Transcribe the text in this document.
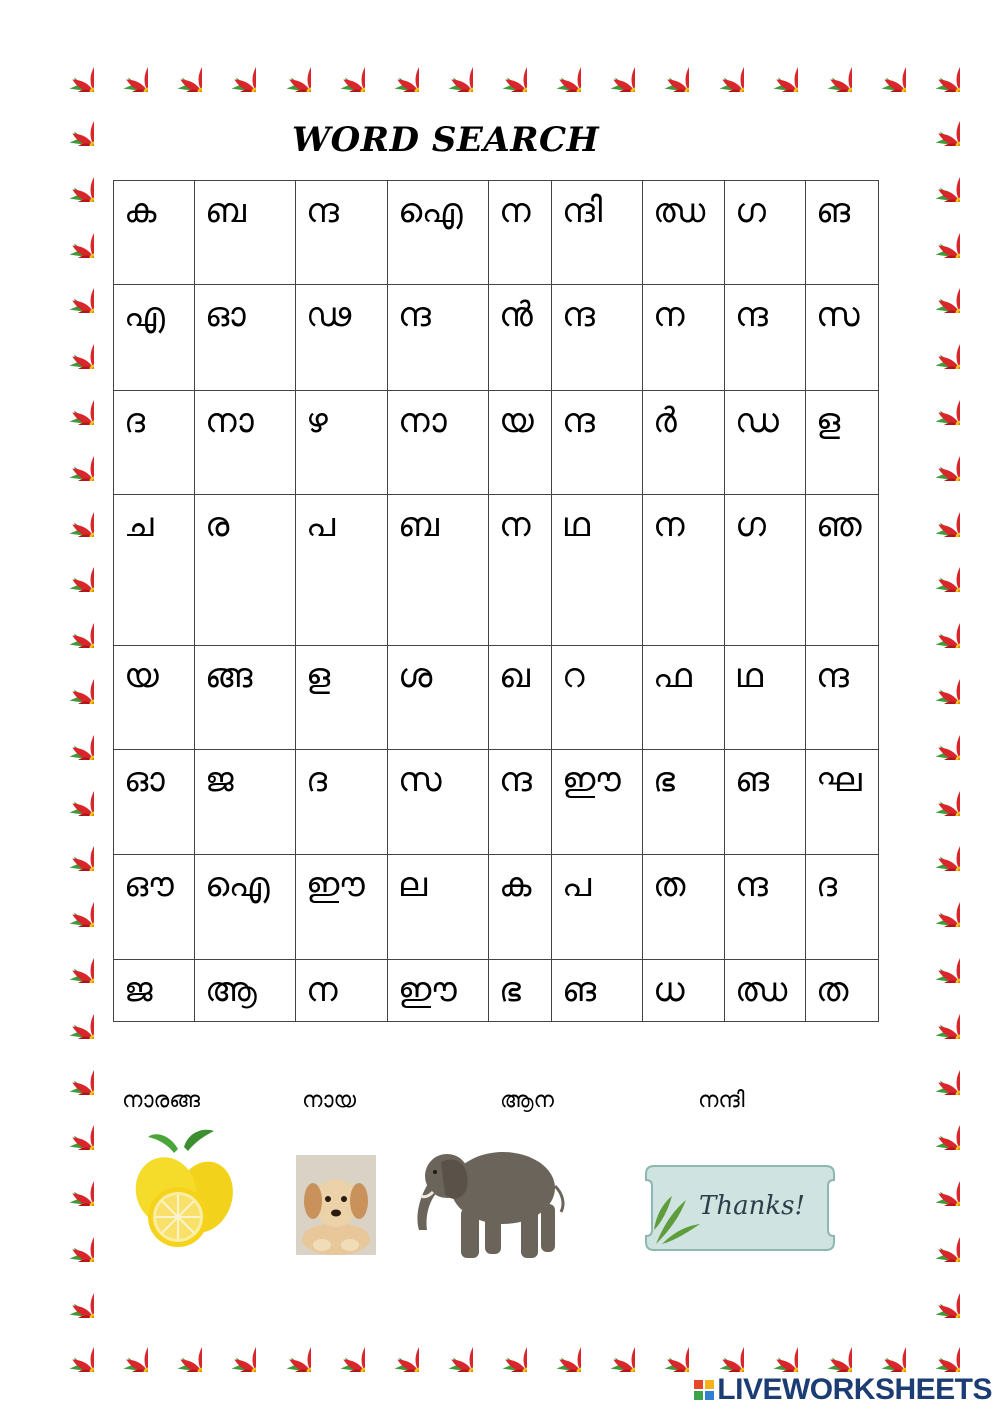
WORD SEARCH
ക	ബ	ന്ദ	ഐ	ന	ന്ദി	ഝ	ഗ	ങ
എ	ഓ	ഢ	ന്ദ	ൻ	ന്ദ	ന	ന്ദ	സ
ദ	നാ	ഴ	നാ	യ	ന്ദ	ർ	ഡ	ള
ച	ര	പ	ബ	ന	ഥ	ന	ഗ	ഞ
യ	ങ്ങ	ള	ശ	ഖ	റ	ഫ	ഥ	ന്ദ
ഓ	ജ	ദ	സ	ന്ദ	ഈ	ഭ	ങ	ഘ
ഔ	ഐ	ഈ	ല	ക	പ	ത	ന്ദ	ദ
ജ	ആ	ന	ഈ	ഭ	ങ	ധ	ഝ	ത
നാരങ്ങ	നായ	ആന	നന്ദി
Thanks!
LIVEWORKSHEETS
